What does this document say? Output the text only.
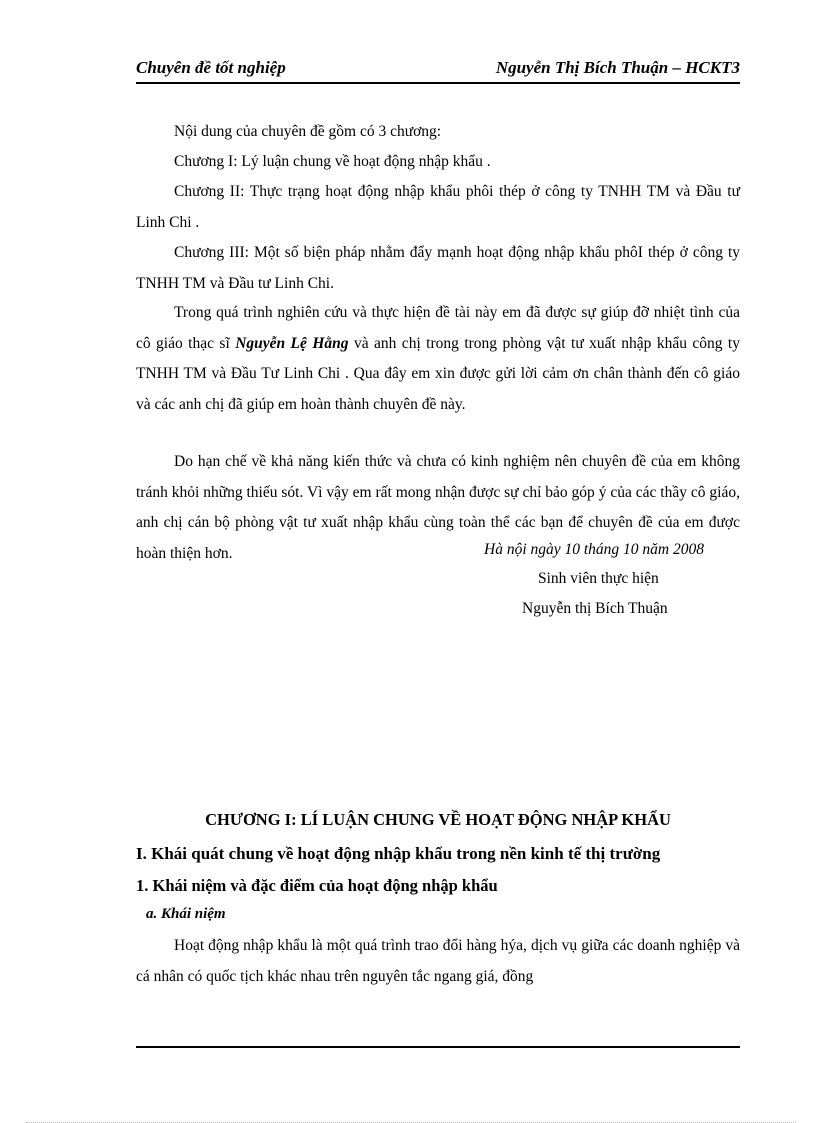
Chuyên đề tốt nghiệp	Nguyễn Thị Bích Thuận – HCKT3

Nội dung của chuyên đề gồm có 3 chương:

Chương I: Lý luận chung về hoạt động nhập khẩu .

Chương II: Thực trạng hoạt động nhập khẩu phôi thép ở công ty TNHH TM và Đầu tư Linh Chi .

Chương III: Một số biện pháp nhằm đẩy mạnh hoạt động nhập khẩu phôI thép ở công ty TNHH TM và Đầu tư Linh Chi.

Trong quá trình nghiên cứu và thực hiện đề tài này em đã được sự giúp đỡ nhiệt tình của cô giáo thạc sĩ Nguyễn Lệ Hằng và anh chị trong trong phòng vật tư xuất nhập khẩu công ty TNHH TM và Đầu Tư Linh Chi . Qua đây em xin được gửi lời cảm ơn chân thành đến cô giáo và các anh chị đã giúp em hoàn thành chuyên đề này.

Do hạn chế về khả năng kiến thức và chưa có kinh nghiệm nên chuyên đề của em không tránh khỏi những thiếu sót. Vì vậy em rất mong nhận được sự chỉ bảo góp ý của các thầy cô giáo, anh chị cán bộ phòng vật tư xuất nhập khẩu cùng toàn thể các bạn để chuyên đề của em được hoàn thiện hơn.	Hà nội ngày 10 tháng 10 năm 2008
Sinh viên thực hiện
Nguyễn thị Bích Thuận
CHƯƠNG I: LÍ LUẬN CHUNG VỀ HOẠT ĐỘNG NHẬP KHẨU
I. Khái quát chung về hoạt động nhập khẩu trong nền kinh tế thị trường
1. Khái niệm và đặc điểm của hoạt động nhập khẩu
a. Khái niệm

Hoạt động nhập khẩu là một quá trình trao đổi hàng hýa, dịch vụ giữa các doanh nghiệp và cá nhân có quốc tịch khác nhau trên nguyên tắc ngang giá, đồng
